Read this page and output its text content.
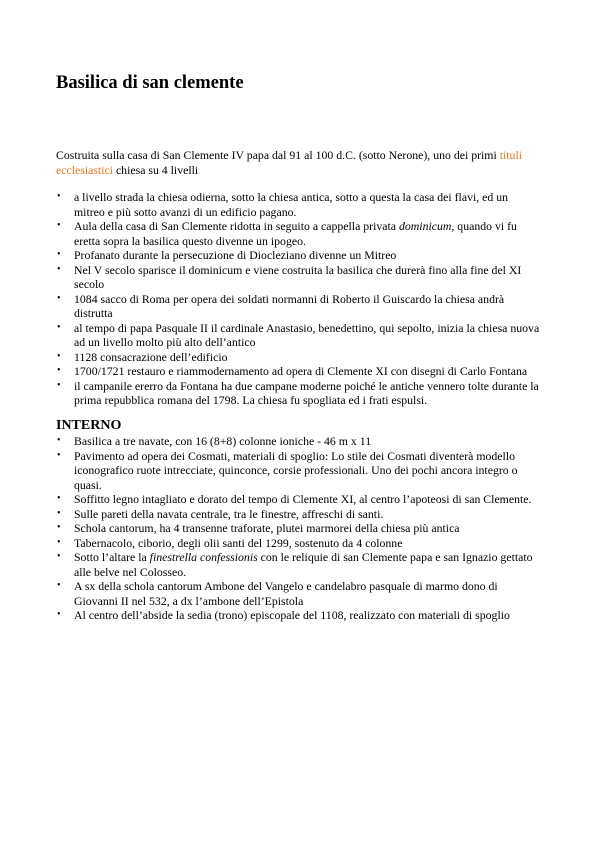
Basilica di san clemente

Costruita sulla casa di San Clemente IV papa dal 91 al 100 d.C. (sotto Nerone), uno dei primi tituli ecclesiastici chiesa su 4 livelli

• a livello strada la chiesa odierna, sotto la chiesa antica, sotto a questa la casa dei flavi, ed un mitreo e più sotto avanzi di un edificio pagano.
• Aula della casa di San Clemente ridotta in seguito a cappella privata dominicum, quando vi fu eretta sopra la basilica questo divenne un ipogeo.
• Profanato durante la persecuzione di Diocleziano divenne un Mitreo
• Nel V secolo sparisce il dominicum e viene costruita la basilica che durerà fino alla fine del XI secolo
• 1084 sacco di Roma per opera dei soldati normanni di Roberto il Guiscardo la chiesa andrà distrutta
• al tempo di papa Pasquale II il cardinale Anastasio, benedettino, qui sepolto, inizia la chiesa nuova ad un livello molto più alto dell’antico
• 1128 consacrazione dell’edificio
• 1700/1721 restauro e riammodernamento ad opera di Clemente XI con disegni di Carlo Fontana
• il campanile ererro da Fontana ha due campane moderne poiché le antiche vennero tolte durante la prima repubblica romana del 1798. La chiesa fu spogliata ed i frati espulsi.
INTERNO
• Basilica a tre navate, con 16 (8+8) colonne ioniche - 46 m x 11
• Pavimento ad opera dei Cosmati, materiali di spoglio: Lo stile dei Cosmati diventerà modello iconografico ruote intrecciate, quinconce, corsie professionali. Uno dei pochi ancora integro o quasi.
• Soffitto legno intagliato e dorato del tempo di Clemente XI, al centro l’apoteosi di san Clemente.
• Sulle pareti della navata centrale, tra le finestre, affreschi di santi.
• Schola cantorum, ha 4 transenne traforate, plutei marmorei della chiesa più antica
• Tabernacolo, ciborio, degli olii santi del 1299, sostenuto da 4 colonne
• Sotto l’altare la finestrella confessionis con le reliquie di san Clemente papa e san Ignazio gettato alle belve nel Colosseo.
• A sx della schola cantorum Ambone del Vangelo e candelabro pasquale di marmo dono di Giovanni II nel 532, a dx l’ambone dell’Epistola
• Al centro dell’abside la sedia (trono) episcopale del 1108, realizzato con materiali di spoglio
